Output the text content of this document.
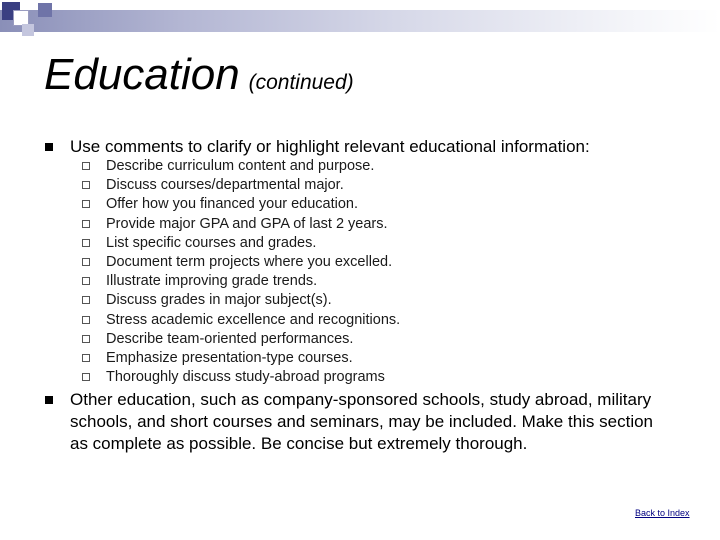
Education (continued)
Use comments to clarify or highlight relevant educational information:
Describe curriculum content and purpose.
Discuss courses/departmental major.
Offer how you financed your education.
Provide major GPA and GPA of last 2 years.
List specific courses and grades.
Document term projects where you excelled.
Illustrate improving grade trends.
Discuss grades in major subject(s).
Stress academic excellence and recognitions.
Describe team-oriented performances.
Emphasize presentation-type courses.
Thoroughly discuss study-abroad programs
Other education, such as company-sponsored schools, study abroad, military schools, and short courses and seminars, may be included. Make this section as complete as possible. Be concise but extremely thorough.
Back to Index
